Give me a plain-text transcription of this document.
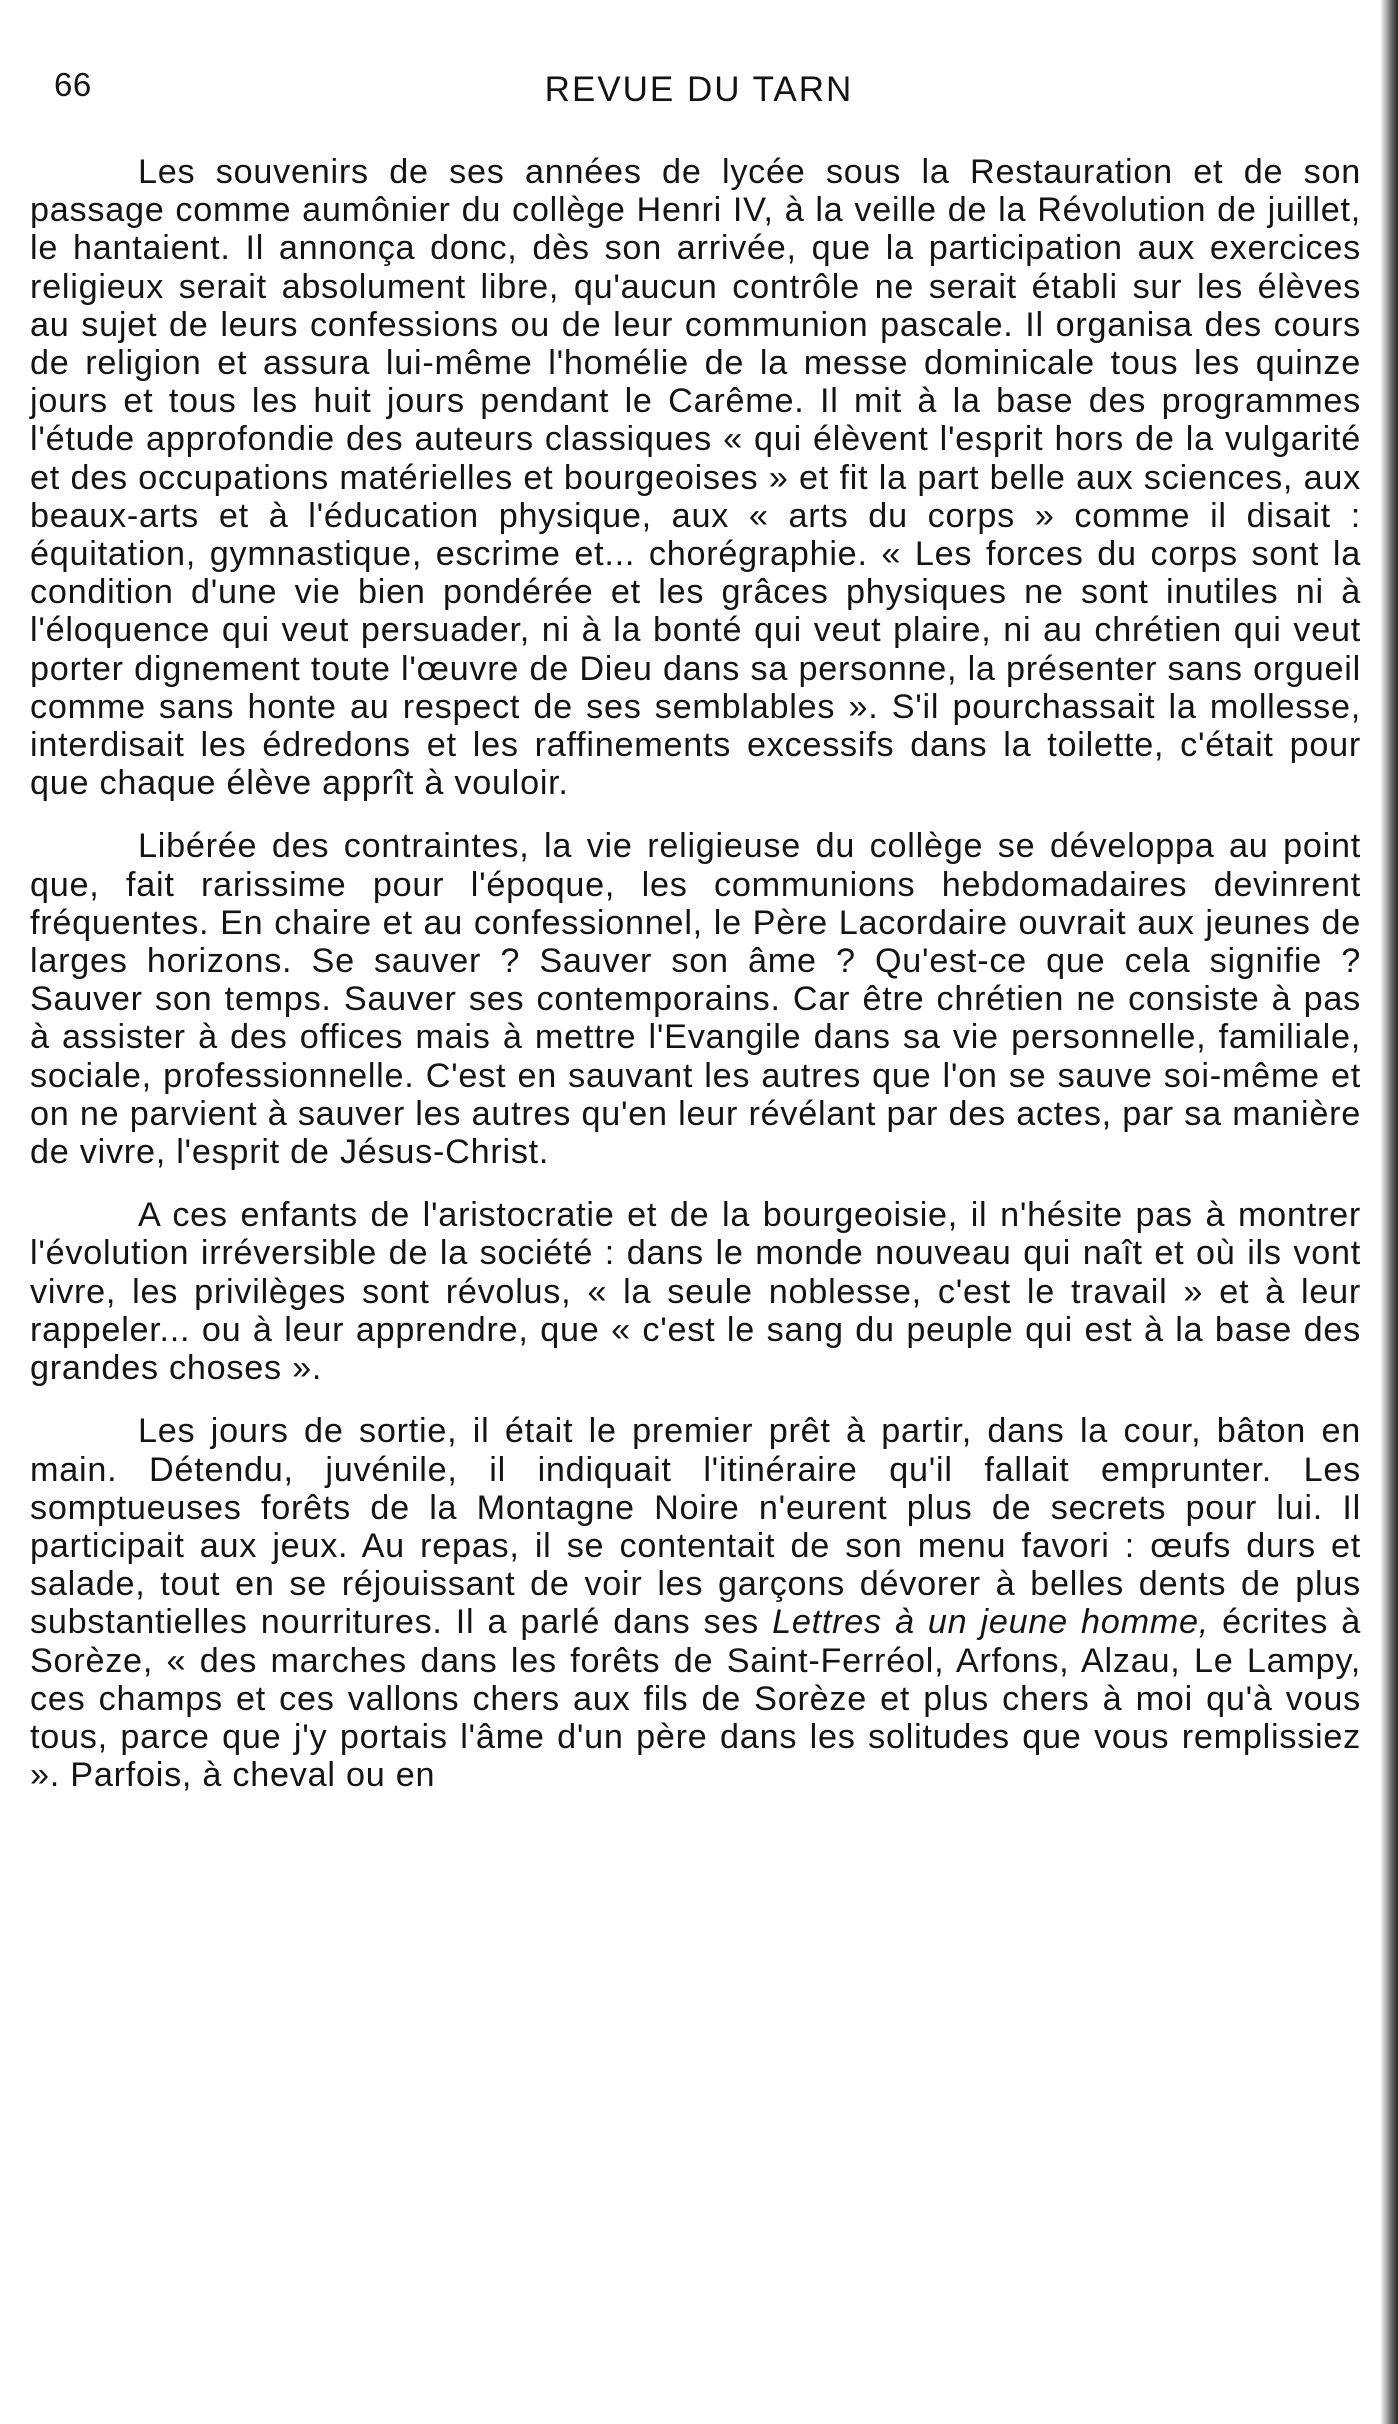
66	REVUE DU TARN

Les souvenirs de ses années de lycée sous la Restauration et de son passage comme aumônier du collège Henri IV, à la veille de la Révolution de juillet, le hantaient. Il annonça donc, dès son arrivée, que la participation aux exercices religieux serait absolument libre, qu'aucun contrôle ne serait établi sur les élèves au sujet de leurs confessions ou de leur communion pascale. Il organisa des cours de religion et assura lui-même l'homélie de la messe dominicale tous les quinze jours et tous les huit jours pendant le Carême. Il mit à la base des programmes l'étude approfondie des auteurs classiques « qui élèvent l'esprit hors de la vulgarité et des occupations matérielles et bourgeoises » et fit la part belle aux sciences, aux beaux-arts et à l'éducation physique, aux « arts du corps » comme il disait : équitation, gymnastique, escrime et... chorégraphie. « Les forces du corps sont la condition d'une vie bien pondérée et les grâces physiques ne sont inutiles ni à l'éloquence qui veut persuader, ni à la bonté qui veut plaire, ni au chrétien qui veut porter dignement toute l'œuvre de Dieu dans sa personne, la présenter sans orgueil comme sans honte au respect de ses semblables ». S'il pourchassait la mollesse, interdisait les édredons et les raffinements excessifs dans la toilette, c'était pour que chaque élève apprît à vouloir.

Libérée des contraintes, la vie religieuse du collège se développa au point que, fait rarissime pour l'époque, les communions hebdomadaires devinrent fréquentes. En chaire et au confessionnel, le Père Lacordaire ouvrait aux jeunes de larges horizons. Se sauver ? Sauver son âme ? Qu'est-ce que cela signifie ? Sauver son temps. Sauver ses contemporains. Car être chrétien ne consiste à pas à assister à des offices mais à mettre l'Evangile dans sa vie personnelle, familiale, sociale, professionnelle. C'est en sauvant les autres que l'on se sauve soi-même et on ne parvient à sauver les autres qu'en leur révélant par des actes, par sa manière de vivre, l'esprit de Jésus-Christ.

A ces enfants de l'aristocratie et de la bourgeoisie, il n'hésite pas à montrer l'évolution irréversible de la société : dans le monde nouveau qui naît et où ils vont vivre, les privilèges sont révolus, « la seule noblesse, c'est le travail » et à leur rappeler... ou à leur apprendre, que « c'est le sang du peuple qui est à la base des grandes choses ».

Les jours de sortie, il était le premier prêt à partir, dans la cour, bâton en main. Détendu, juvénile, il indiquait l'itinéraire qu'il fallait emprunter. Les somptueuses forêts de la Montagne Noire n'eurent plus de secrets pour lui. Il participait aux jeux. Au repas, il se contentait de son menu favori : œufs durs et salade, tout en se réjouissant de voir les garçons dévorer à belles dents de plus substantielles nourritures. Il a parlé dans ses Lettres à un jeune homme, écrites à Sorèze, « des marches dans les forêts de Saint-Ferréol, Arfons, Alzau, Le Lampy, ces champs et ces vallons chers aux fils de Sorèze et plus chers à moi qu'à vous tous, parce que j'y portais l'âme d'un père dans les solitudes que vous remplissiez ». Parfois, à cheval ou en
